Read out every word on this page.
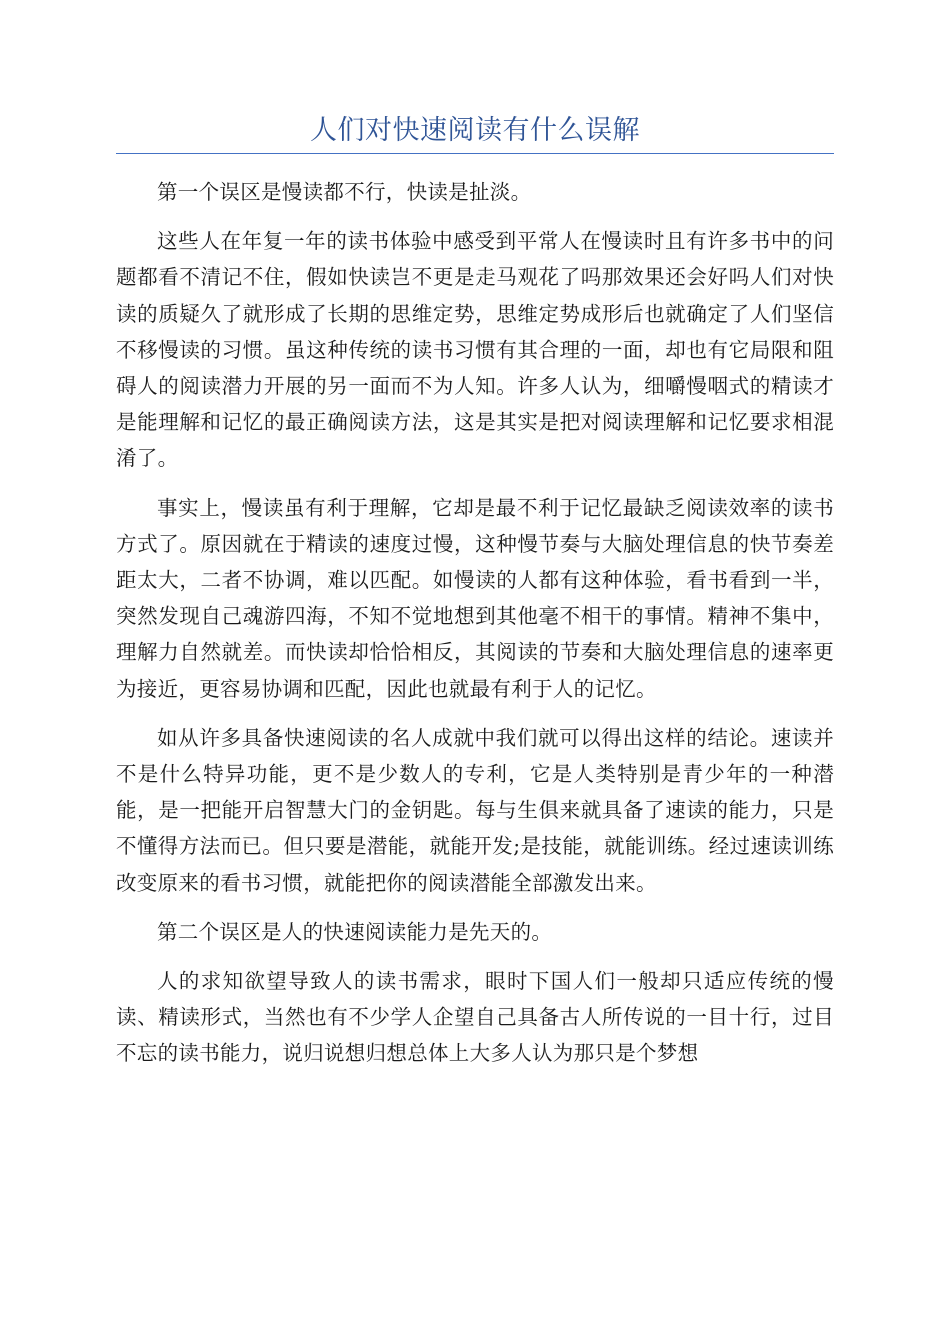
人们对快速阅读有什么误解

第一个误区是慢读都不行，快读是扯淡。

这些人在年复一年的读书体验中感受到平常人在慢读时且有许多书中的问题都看不清记不住，假如快读岂不更是走马观花了吗那效果还会好吗人们对快读的质疑久了就形成了长期的思维定势，思维定势成形后也就确定了人们坚信不移慢读的习惯。虽这种传统的读书习惯有其合理的一面，却也有它局限和阻碍人的阅读潜力开展的另一面而不为人知。许多人认为，细嚼慢咽式的精读才是能理解和记忆的最正确阅读方法，这是其实是把对阅读理解和记忆要求相混淆了。

事实上，慢读虽有利于理解，它却是最不利于记忆最缺乏阅读效率的读书方式了。原因就在于精读的速度过慢，这种慢节奏与大脑处理信息的快节奏差距太大，二者不协调，难以匹配。如慢读的人都有这种体验，看书看到一半，突然发现自己魂游四海，不知不觉地想到其他毫不相干的事情。精神不集中，理解力自然就差。而快读却恰恰相反，其阅读的节奏和大脑处理信息的速率更为接近，更容易协调和匹配，因此也就最有利于人的记忆。

如从许多具备快速阅读的名人成就中我们就可以得出这样的结论。速读并不是什么特异功能，更不是少数人的专利，它是人类特别是青少年的一种潜能，是一把能开启智慧大门的金钥匙。每与生俱来就具备了速读的能力，只是不懂得方法而已。但只要是潜能，就能开发;是技能，就能训练。经过速读训练改变原来的看书习惯，就能把你的阅读潜能全部激发出来。

第二个误区是人的快速阅读能力是先天的。

人的求知欲望导致人的读书需求，眼时下国人们一般却只适应传统的慢读、精读形式，当然也有不少学人企望自己具备古人所传说的一目十行，过目不忘的读书能力，说归说想归想总体上大多人认为那只是个梦想
